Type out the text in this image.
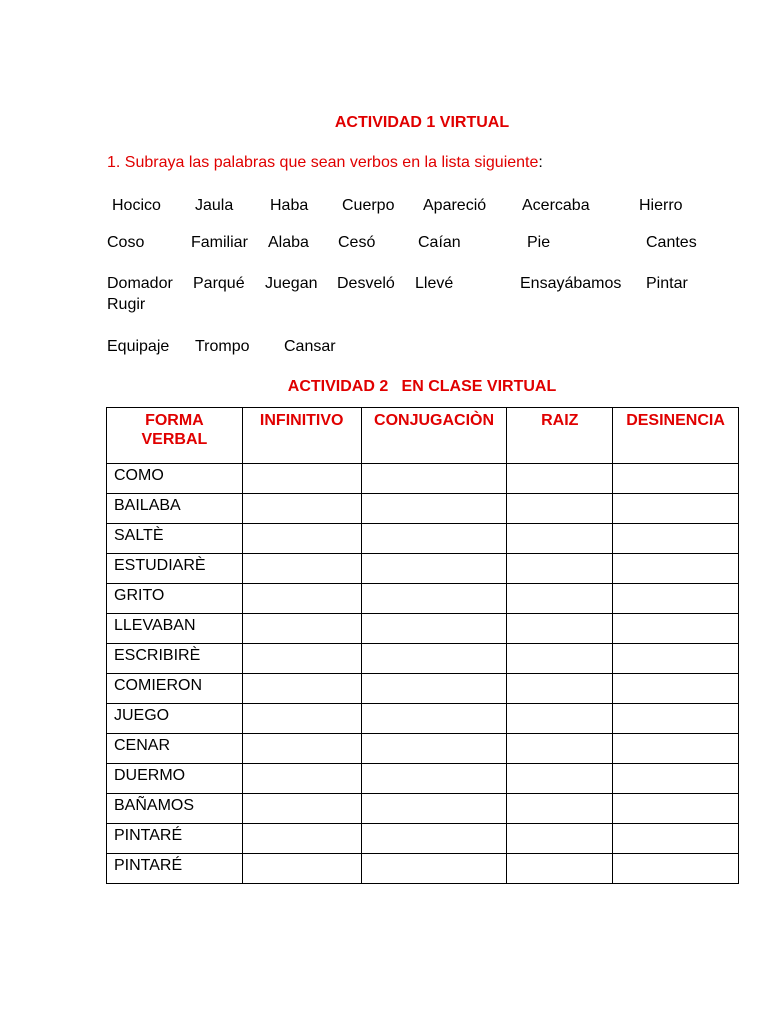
ACTIVIDAD 1 VIRTUAL
1. Subraya las palabras que sean verbos en la lista siguiente:
Hocico Jaula Haba Cuerpo Apareció Acercaba	Hierro
Coso	Familiar Alaba Cesó	Caían	Pie	Cantes
Domador Parqué Juegan Desveló Llevé	Ensayábamos Pintar
Rugir
Equipaje Trompo Cansar
ACTIVIDAD 2   EN CLASE VIRTUAL
FORMA VERBAL	INFINITIVO	CONJUGACIÒN	RAIZ	DESINENCIA
COMO				
BAILABA				
SALTÈ				
ESTUDIARÈ				
GRITO				
LLEVABAN				
ESCRIBIRÈ				
COMIERON				
JUEGO				
CENAR				
DUERMO				
BAÑAMOS				
PINTARÉ				
PINTARÉ				
